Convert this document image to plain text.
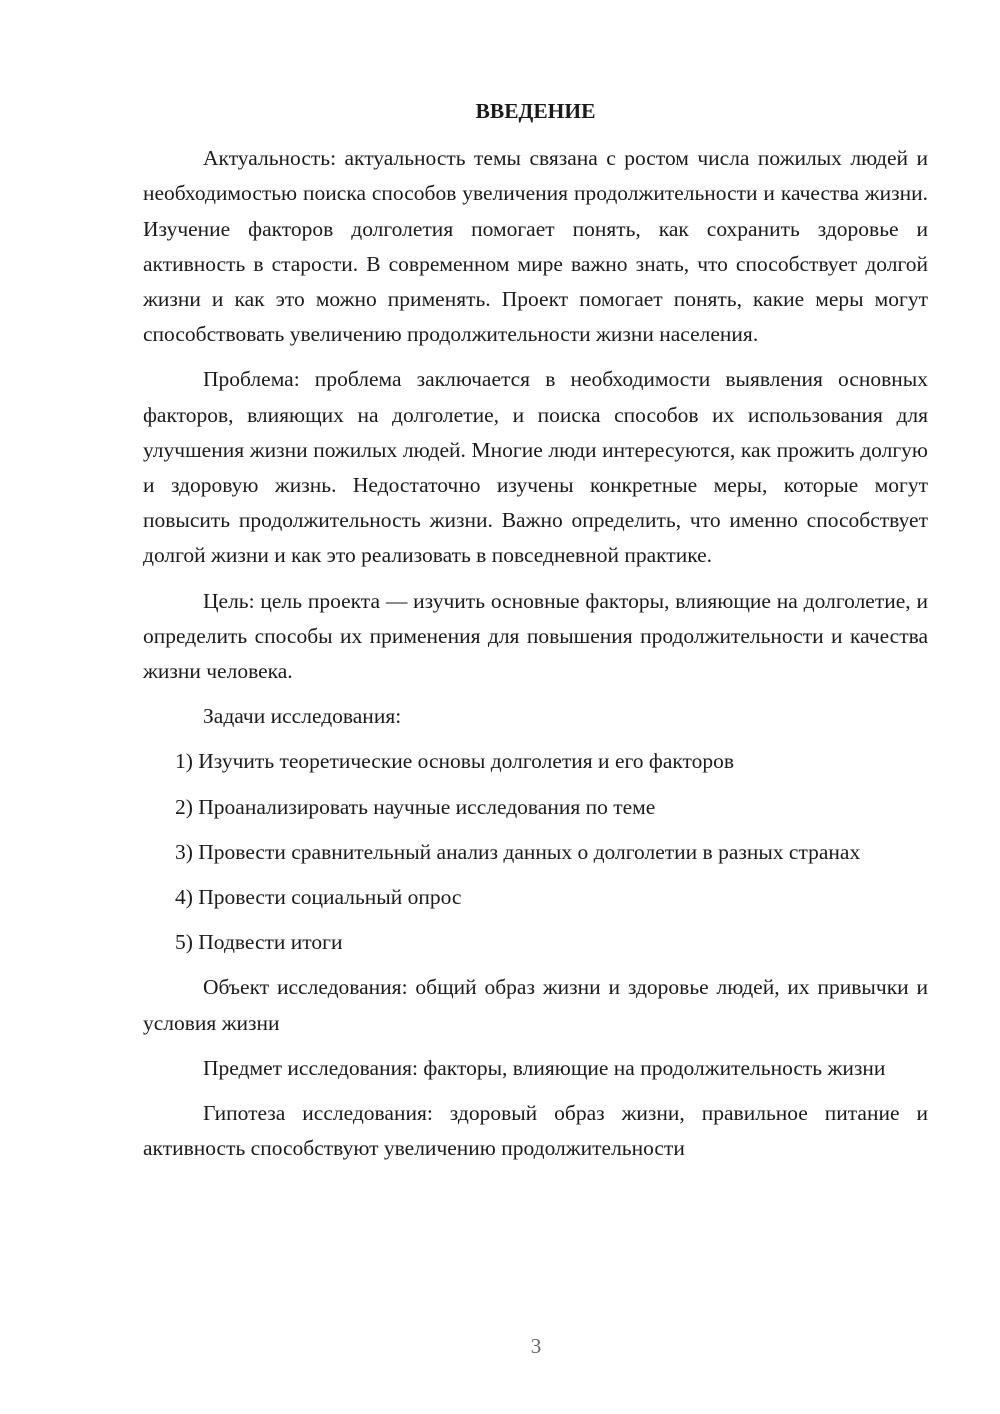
ВВЕДЕНИЕ

Актуальность: актуальность темы связана с ростом числа пожилых людей и необходимостью поиска способов увеличения продолжительности и качества жизни. Изучение факторов долголетия помогает понять, как сохранить здоровье и активность в старости. В современном мире важно знать, что способствует долгой жизни и как это можно применять. Проект помогает понять, какие меры могут способствовать увеличению продолжительности жизни населения.

Проблема: проблема заключается в необходимости выявления основных факторов, влияющих на долголетие, и поиска способов их использования для улучшения жизни пожилых людей. Многие люди интересуются, как прожить долгую и здоровую жизнь. Недостаточно изучены конкретные меры, которые могут повысить продолжительность жизни. Важно определить, что именно способствует долгой жизни и как это реализовать в повседневной практике.

Цель: цель проекта — изучить основные факторы, влияющие на долголетие, и определить способы их применения для повышения продолжительности и качества жизни человека.

Задачи исследования:

1) Изучить теоретические основы долголетия и его факторов

2) Проанализировать научные исследования по теме

3) Провести сравнительный анализ данных о долголетии в разных странах

4) Провести социальный опрос

5) Подвести итоги

Объект исследования: общий образ жизни и здоровье людей, их привычки и условия жизни

Предмет исследования: факторы, влияющие на продолжительность жизни

Гипотеза исследования: здоровый образ жизни, правильное питание и активность способствуют увеличению продолжительности

3
